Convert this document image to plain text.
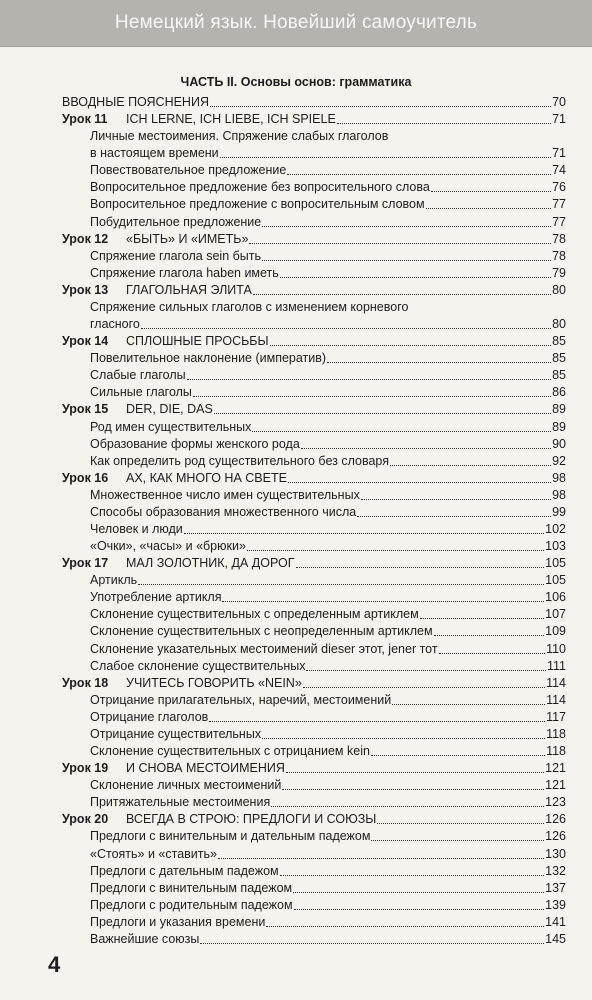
Немецкий язык. Новейший самоучитель
ЧАСТЬ II. Основы основ: грамматика
ВВОДНЫЕ ПОЯСНЕНИЯ	70
Урок 11	ICH LERNE, ICH LIEBE, ICH SPIELE	71
Личные местоимения. Спряжение слабых глаголов
в настоящем времени	71
Повествовательное предложение	74
Вопросительное предложение без вопросительного слова	76
Вопросительное предложение с вопросительным словом	77
Побудительное предложение	77
Урок 12	«БЫТЬ» И «ИМЕТЬ»	78
Спряжение глагола sein быть	78
Спряжение глагола haben иметь	79
Урок 13	ГЛАГОЛЬНАЯ ЭЛИТА	80
Спряжение сильных глаголов с изменением корневого
гласного	80
Урок 14	СПЛОШНЫЕ ПРОСЬБЫ	85
Повелительное наклонение (императив)	85
Слабые глаголы	85
Сильные глаголы	86
Урок 15	DER, DIE, DAS	89
Род имен существительных	89
Образование формы женского рода	90
Как определить род существительного без словаря	92
Урок 16	АХ, КАК МНОГО НА СВЕТЕ	98
Множественное число имен существительных	98
Способы образования множественного числа	99
Человек и люди	102
«Очки», «часы» и «брюки»	103
Урок 17	МАЛ ЗОЛОТНИК, ДА ДОРОГ	105
Артикль	105
Употребление артикля	106
Склонение существительных с определенным артиклем	107
Склонение существительных с неопределенным артиклем	109
Склонение указательных местоимений dieser этот, jener тот	110
Слабое склонение существительных	111
Урок 18	УЧИТЕСЬ ГОВОРИТЬ «NEIN»	114
Отрицание прилагательных, наречий, местоимений	114
Отрицание глаголов	117
Отрицание существительных	118
Склонение существительных с отрицанием kein	118
Урок 19	И СНОВА МЕСТОИМЕНИЯ	121
Склонение личных местоимений	121
Притяжательные местоимения	123
Урок 20	ВСЕГДА В СТРОЮ: ПРЕДЛОГИ И СОЮЗЫ	126
Предлоги с винительным и дательным падежом	126
«Стоять» и «ставить»	130
Предлоги с дательным падежом	132
Предлоги с винительным падежом	137
Предлоги с родительным падежом	139
Предлоги и указания времени	141
Важнейшие союзы	145
4
